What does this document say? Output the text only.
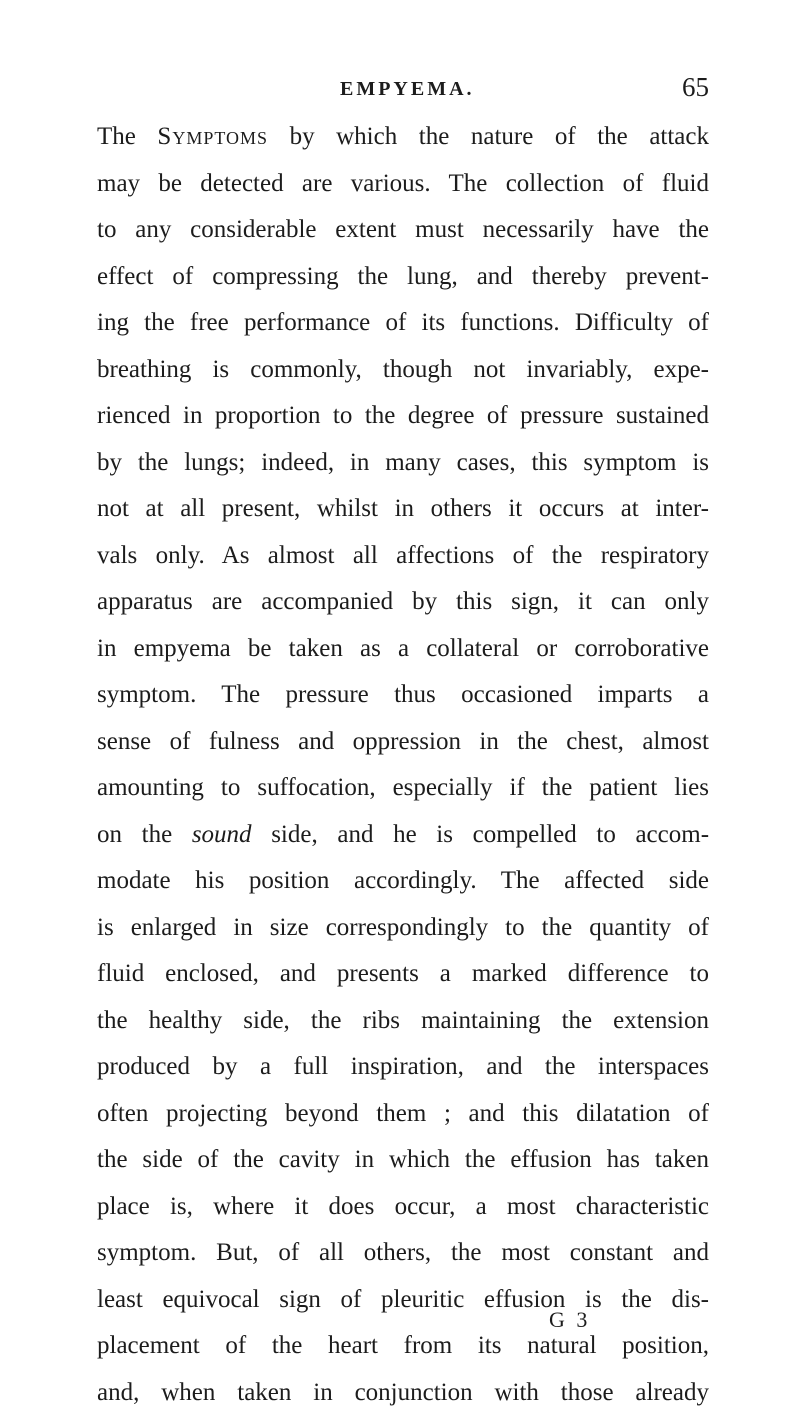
EMPYEMA.	65
The Symptoms by which the nature of the attack
may be detected are various. The collection of fluid
to any considerable extent must necessarily have the
effect of compressing the lung, and thereby prevent-
ing the free performance of its functions. Difficulty of
breathing is commonly, though not invariably, expe-
rienced in proportion to the degree of pressure sustained
by the lungs; indeed, in many cases, this symptom is
not at all present, whilst in others it occurs at inter-
vals only. As almost all affections of the respiratory
apparatus are accompanied by this sign, it can only
in empyema be taken as a collateral or corroborative
symptom. The pressure thus occasioned imparts a
sense of fulness and oppression in the chest, almost
amounting to suffocation, especially if the patient lies
on the sound side, and he is compelled to accom-
modate his position accordingly. The affected side
is enlarged in size correspondingly to the quantity of
fluid enclosed, and presents a marked difference to
the healthy side, the ribs maintaining the extension
produced by a full inspiration, and the interspaces
often projecting beyond them ; and this dilatation of
the side of the cavity in which the effusion has taken
place is, where it does occur, a most characteristic
symptom. But, of all others, the most constant and
least equivocal sign of pleuritic effusion is the dis-
placement of the heart from its natural position,
and, when taken in conjunction with those already
G 3
